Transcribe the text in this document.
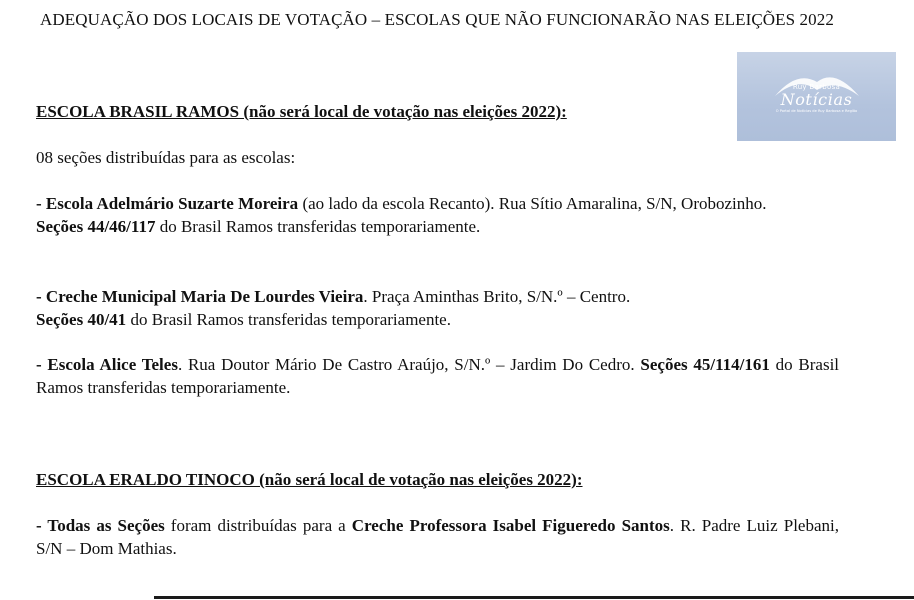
ADEQUAÇÃO DOS LOCAIS DE VOTAÇÃO – ESCOLAS QUE NÃO FUNCIONARÃO NAS ELEIÇÕES 2022
Ruy Barbosa
Notícias
O Portal de Notícias de Ruy Barbosa e Região
ESCOLA BRASIL RAMOS (não será local de votação nas eleições 2022):
08 seções distribuídas para as escolas:
- Escola Adelmário Suzarte Moreira (ao lado da escola Recanto). Rua Sítio Amaralina, S/N, Orobozinho.
Seções 44/46/117 do Brasil Ramos transferidas temporariamente.
- Creche Municipal Maria De Lourdes Vieira. Praça Aminthas Brito, S/N.º – Centro.
Seções 40/41 do Brasil Ramos transferidas temporariamente.
- Escola Alice Teles. Rua Doutor Mário De Castro Araújo, S/N.º – Jardim Do Cedro. Seções 45/114/161 do Brasil Ramos transferidas temporariamente.
ESCOLA ERALDO TINOCO (não será local de votação nas eleições 2022):
- Todas as Seções foram distribuídas para a Creche Professora Isabel Figueredo Santos. R. Padre Luiz Plebani, S/N – Dom Mathias.
